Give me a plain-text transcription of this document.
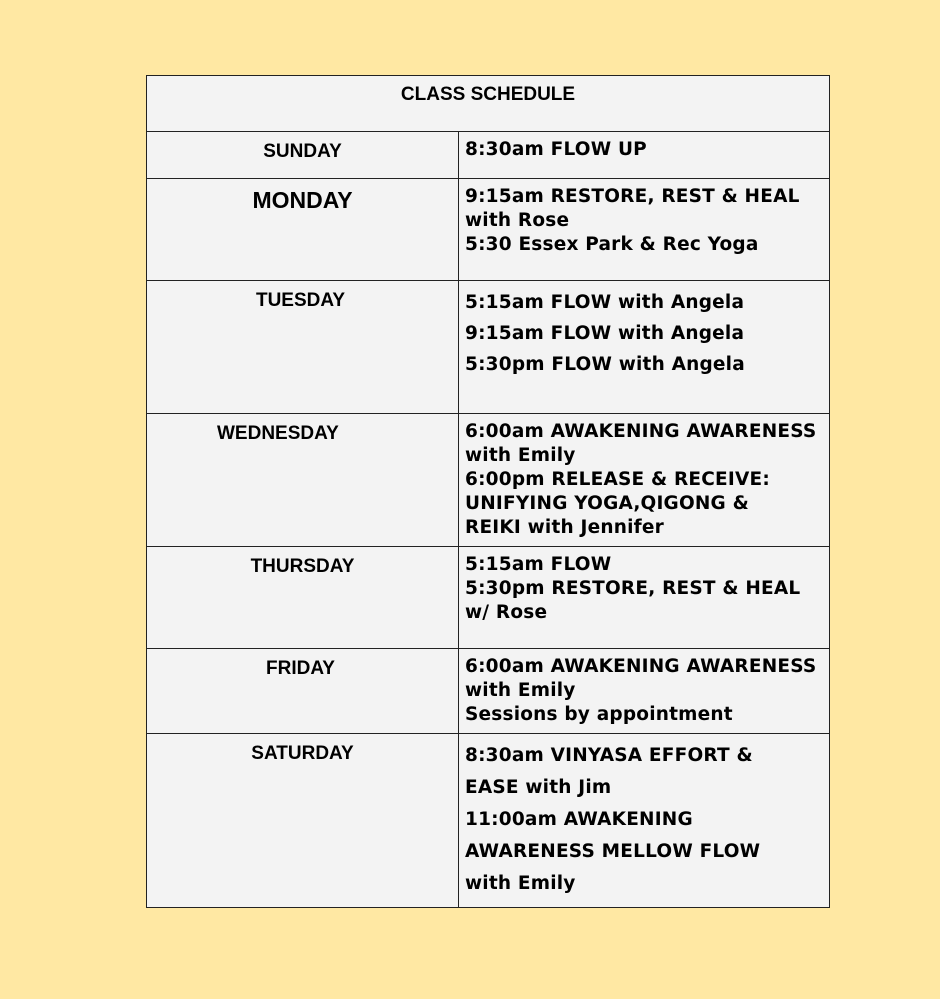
CLASS SCHEDULE	
SUNDAY	8:30am FLOW UP

MONDAY	9:15am RESTORE, REST & HEAL
with Rose
5:30 Essex Park & Rec Yoga

TUESDAY	5:15am FLOW with Angela
9:15am FLOW with Angela
5:30pm FLOW with Angela

WEDNESDAY	6:00am AWAKENING AWARENESS
with Emily
6:00pm RELEASE & RECEIVE:
UNIFYING YOGA,QIGONG &
REIKI with Jennifer

THURSDAY	5:15am FLOW
5:30pm RESTORE, REST & HEAL
w/ Rose

FRIDAY	6:00am AWAKENING AWARENESS
with Emily
Sessions by appointment

SATURDAY	8:30am VINYASA EFFORT &
EASE with Jim
11:00am AWAKENING
AWARENESS MELLOW FLOW
with Emily
